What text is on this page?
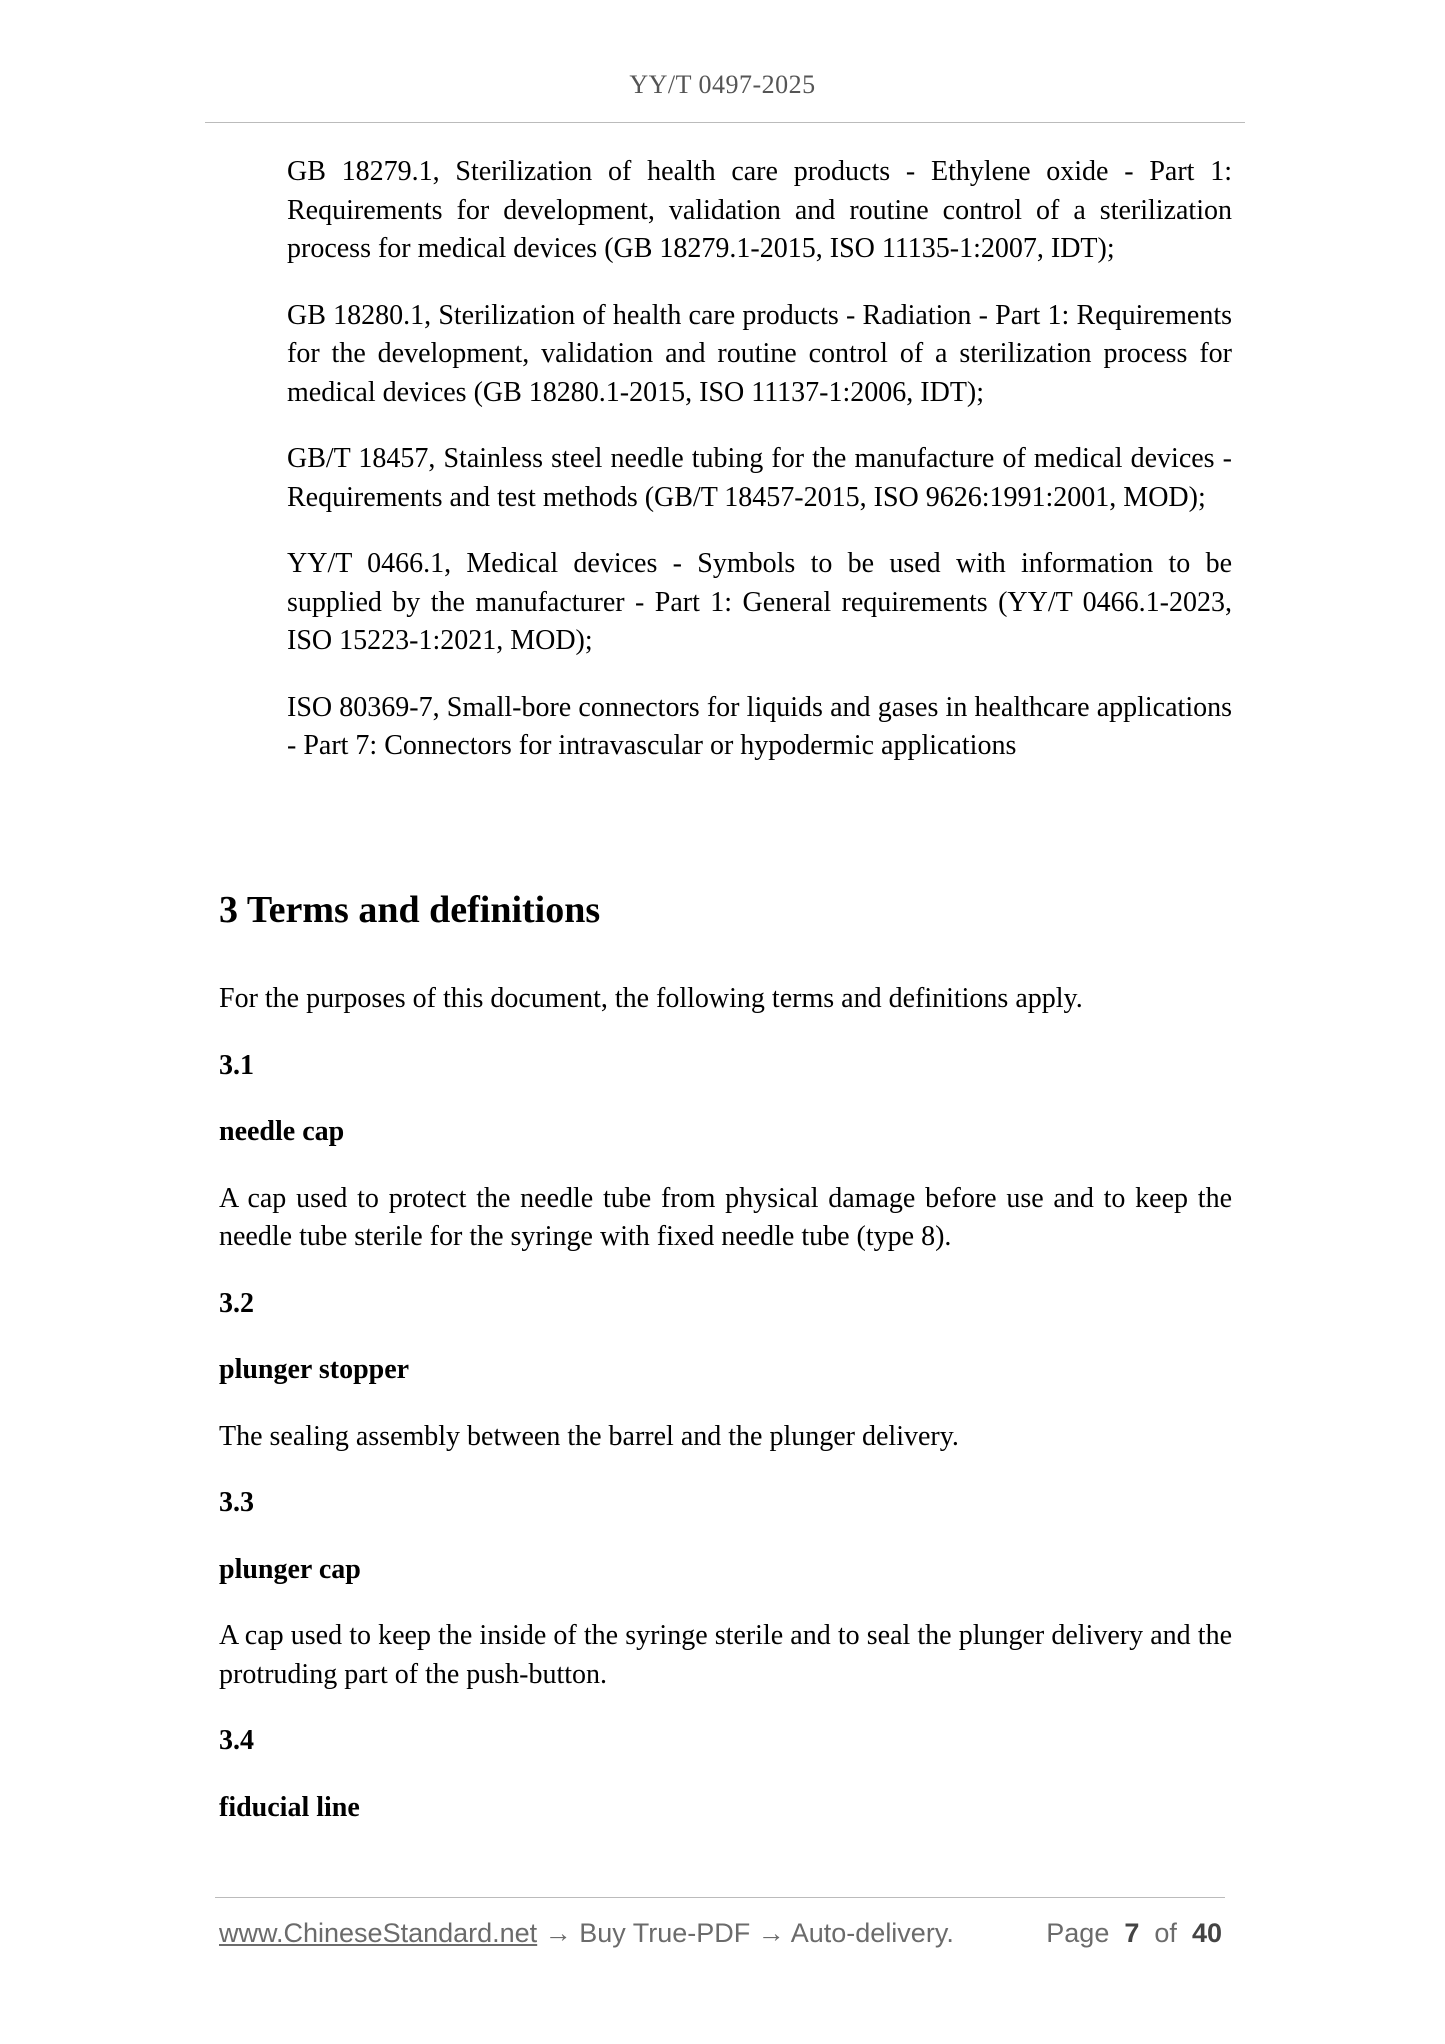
YY/T 0497-2025

GB 18279.1, Sterilization of health care products - Ethylene oxide - Part 1: Requirements for development, validation and routine control of a sterilization process for medical devices (GB 18279.1-2015, ISO 11135-1:2007, IDT);

GB 18280.1, Sterilization of health care products - Radiation - Part 1: Requirements for the development, validation and routine control of a sterilization process for medical devices (GB 18280.1-2015, ISO 11137-1:2006, IDT);

GB/T 18457, Stainless steel needle tubing for the manufacture of medical devices - Requirements and test methods (GB/T 18457-2015, ISO 9626:1991:2001, MOD);

YY/T 0466.1, Medical devices - Symbols to be used with information to be supplied by the manufacturer - Part 1: General requirements (YY/T 0466.1-2023, ISO 15223-1:2021, MOD);

ISO 80369-7, Small-bore connectors for liquids and gases in healthcare applications - Part 7: Connectors for intravascular or hypodermic applications

3 Terms and definitions

For the purposes of this document, the following terms and definitions apply.

3.1

needle cap

A cap used to protect the needle tube from physical damage before use and to keep the needle tube sterile for the syringe with fixed needle tube (type 8).

3.2

plunger stopper

The sealing assembly between the barrel and the plunger delivery.

3.3

plunger cap

A cap used to keep the inside of the syringe sterile and to seal the plunger delivery and the protruding part of the push-button.

3.4

fiducial line

www.ChineseStandard.net → Buy True-PDF → Auto-delivery.	Page 7 of 40
